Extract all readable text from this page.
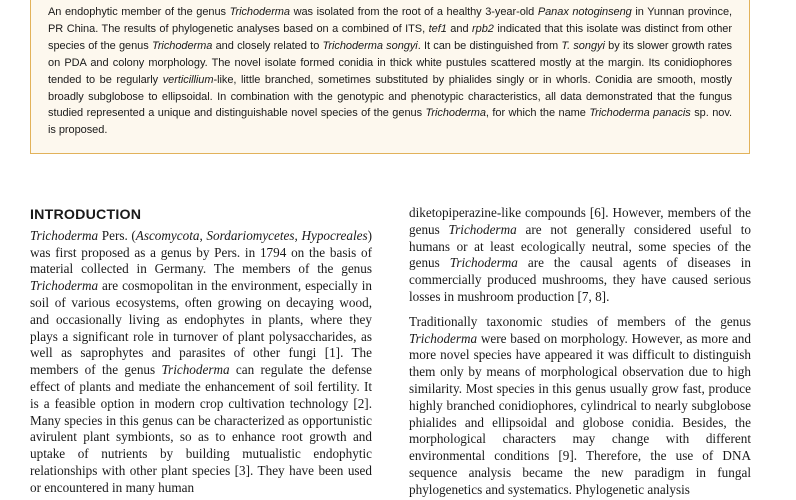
An endophytic member of the genus Trichoderma was isolated from the root of a healthy 3-year-old Panax notoginseng in Yunnan province, PR China. The results of phylogenetic analyses based on a combined of ITS, tef1 and rpb2 indicated that this isolate was distinct from other species of the genus Trichoderma and closely related to Trichoderma songyi. It can be distinguished from T. songyi by its slower growth rates on PDA and colony morphology. The novel isolate formed conidia in thick white pustules scattered mostly at the margin. Its conidiophores tended to be regularly verticillium-like, little branched, sometimes substituted by phialides singly or in whorls. Conidia are smooth, mostly broadly subglobose to ellipsoidal. In combination with the genotypic and phenotypic characteristics, all data demonstrated that the fungus studied represented a unique and distinguishable novel species of the genus Trichoderma, for which the name Trichoderma panacis sp. nov. is proposed.

INTRODUCTION

Trichoderma Pers. (Ascomycota, Sordariomycetes, Hypocreales) was first proposed as a genus by Pers. in 1794 on the basis of material collected in Germany. The members of the genus Trichoderma are cosmopolitan in the environment, especially in soil of various ecosystems, often growing on decaying wood, and occasionally living as endophytes in plants, where they plays a significant role in turnover of plant polysaccharides, as well as saprophytes and parasites of other fungi [1]. The members of the genus Trichoderma can regulate the defense effect of plants and mediate the enhancement of soil fertility. It is a feasible option in modern crop cultivation technology [2]. Many species in this genus can be characterized as opportunistic avirulent plant symbionts, so as to enhance root growth and uptake of nutrients by building mutualistic endophytic relationships with other plant species [3]. They have been used or encountered in many human

diketopiperazine-like compounds [6]. However, members of the genus Trichoderma are not generally considered useful to humans or at least ecologically neutral, some species of the genus Trichoderma are the causal agents of diseases in commercially produced mushrooms, they have caused serious losses in mushroom production [7, 8].

Traditionally taxonomic studies of members of the genus Trichoderma were based on morphology. However, as more and more novel species have appeared it was difficult to distinguish them only by means of morphological observation due to high similarity. Most species in this genus usually grow fast, produce highly branched conidiophores, cylindrical to nearly subglobose phialides and ellipsoidal and globose conidia. Besides, the morphological characters may change with different environmental conditions [9]. Therefore, the use of DNA sequence analysis became the new paradigm in fungal phylogenetics and systematics. Phylogenetic analysis
